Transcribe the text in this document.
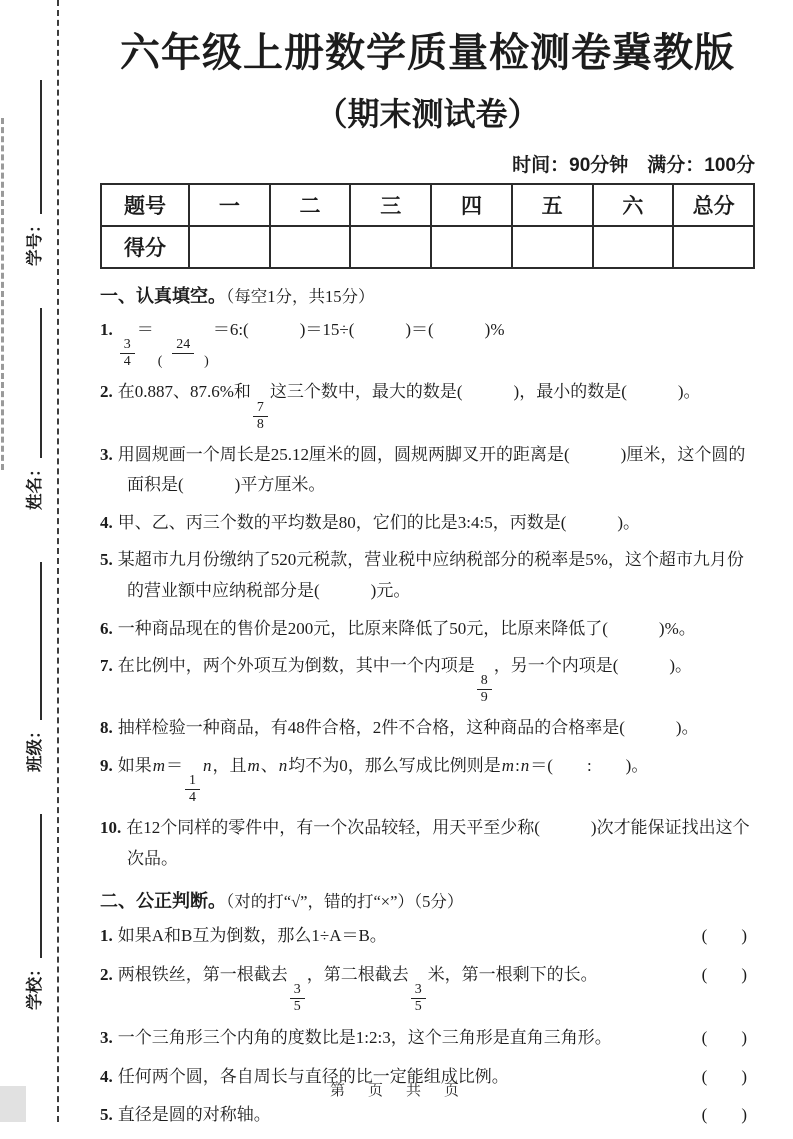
学号：
姓名：
班级：
学校：
六年级上册数学质量检测卷冀教版
（期末测试卷）
时间：90分钟　满分：100分
题号	一	二	三	四	五	六	总分
得分							
一、认真填空。（每空1分，共15分）
1.
$\frac{3}{4}$
＝
$\frac{24}{( )}$
＝6:(　　　)＝15÷(　　　)＝(　　　)%
2. 在0.887、87.6%和
$\frac{7}{8}$
这三个数中，最大的数是(　　　)，最小的数是(　　　)。
3. 用圆规画一个周长是25.12厘米的圆，圆规两脚叉开的距离是(　　　)厘米，这个圆的面积是(　　　)平方厘米。
4. 甲、乙、丙三个数的平均数是80，它们的比是3:4:5，丙数是(　　　)。
5. 某超市九月份缴纳了520元税款，营业税中应纳税部分的税率是5%，这个超市九月份的营业额中应纳税部分是(　　　)元。
6. 一种商品现在的售价是200元，比原来降低了50元，比原来降低了(　　　)%。
7. 在比例中，两个外项互为倒数，其中一个内项是
$\frac{8}{9}$
，另一个内项是(　　　)。
8. 抽样检验一种商品，有48件合格，2件不合格，这种商品的合格率是(　　　)。
9. 如果m＝
$\frac{1}{4}$
n，且m、n均不为0，那么写成比例则是m:n＝(　　:　　)。
10. 在12个同样的零件中，有一个次品较轻，用天平至少称(　　　)次才能保证找出这个次品。
二、公正判断。（对的打“√”，错的打“×”）（5分）
1. 如果A和B互为倒数，那么1÷A＝B。	(　　)
2. 两根铁丝，第一根截去
$\frac{3}{5}$
，第二根截去
$\frac{3}{5}$
米，第一根剩下的长。	(　　)
3. 一个三角形三个内角的度数比是1:2:3，这个三角形是直角三角形。	(　　)
4. 任何两个圆，各自周长与直径的比一定能组成比例。	(　　)
5. 直径是圆的对称轴。	(　　)
第　页　共　页
